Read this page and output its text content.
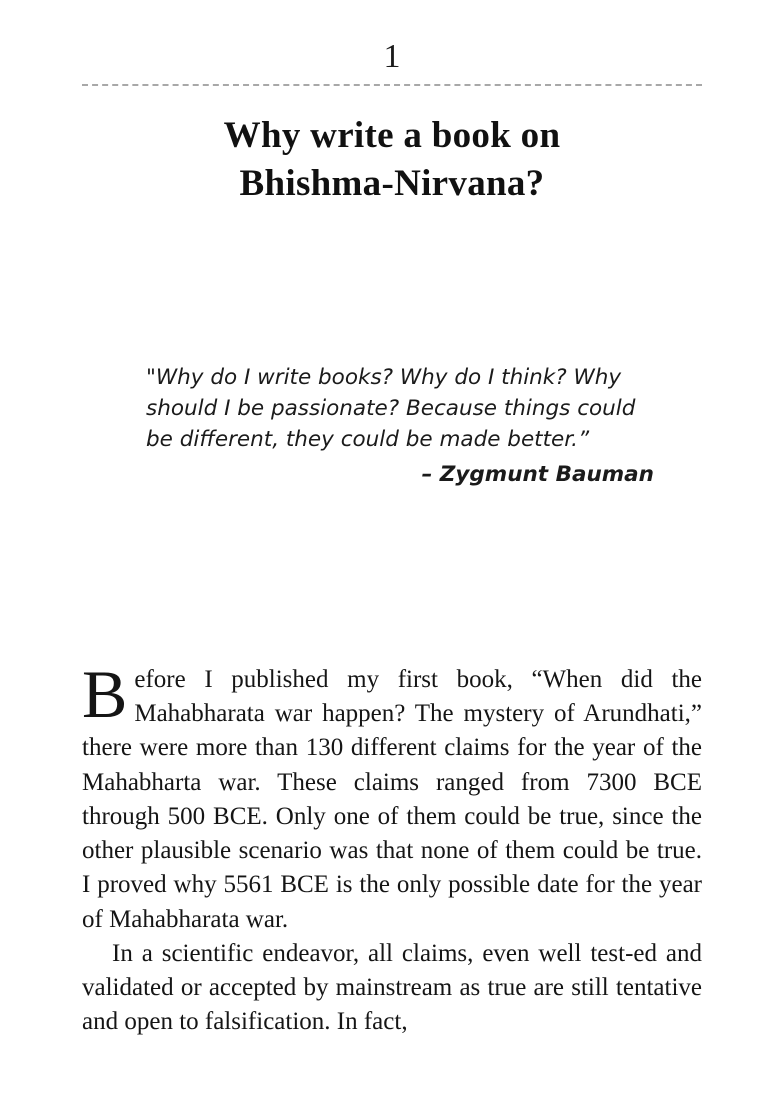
1
Why write a book on
Bhishma-Nirvana?

"Why do I write books? Why do I think? Why should I be passionate? Because things could be different, they could be made better.”

– Zygmunt Bauman

Before I published my first book, “When did the Mahabharata war happen? The mystery of Arundhati,” there were more than 130 different claims for the year of the Mahabharta war. These claims ranged from 7300 BCE through 500 BCE. Only one of them could be true, since the other plausible scenario was that none of them could be true. I proved why 5561 BCE is the only possible date for the year of Mahabharata war.

In a scientific endeavor, all claims, even well test-ed and validated or accepted by mainstream as true are still tentative and open to falsification. In fact,
